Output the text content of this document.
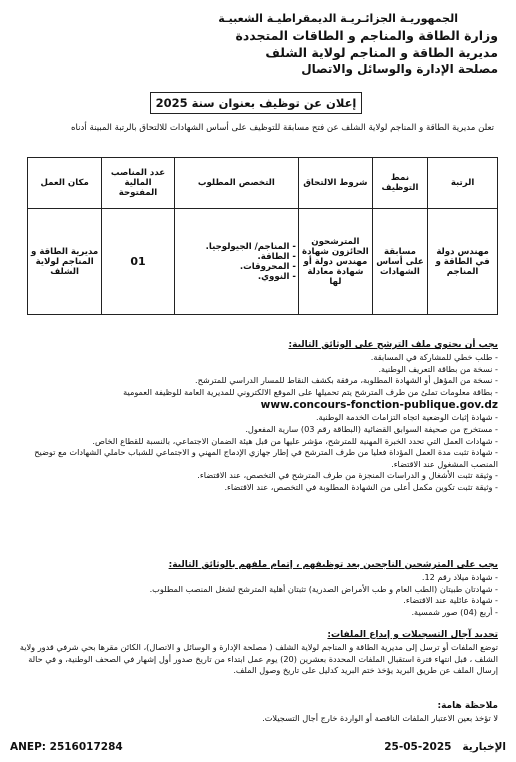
الجمهوريـة الجزائـريـة الديمقراطيـة الشعبيـة
وزارة الطاقة والمناجم و الطاقات المتجددة
مديرية الطاقة و المناجم لولاية الشلف
مصلحة الإدارة والوسائل والاتصال
إعلان عن توظيف بعنوان سنة 2025
تعلن مديرية الطاقة و المناجم لولاية الشلف عن فتح مسابقة للتوظيف على أساس الشهادات للالتحاق بالرتبة المبينة أدناه
الرتبة	نمط التوظيف	شروط الالتحاق	التخصص المطلوب	عدد المناصب المالية المفتوحة	مكان العمل
مهندس دولة في الطاقة و المناجم	مسابقة على أساس الشهادات	المترشحون الحائزون شهادة مهندس دولة أو شهادة معادلة لها	- المناجم/ الجيولوجيا.
- الطاقة.
- المحروقات.
- النووي.	01	مديرية الطاقة و المناجم لولاية الشلف
يجب أن يحتوي ملف الترشح على الوثائق التالية:
- طلب خطي للمشاركة في المسابقة.
- نسخة من بطاقة التعريف الوطنية.
- نسخة من المؤهل أو الشهادة المطلوبة، مرفقة بكشف النقاط للمسار الدراسي للمترشح.
- بطاقة معلومات تملئ من طرف المترشح يتم تحميلها على الموقع الالكتروني للمديرية العامة للوظيفة العمومية
www.concours-fonction-publique.gov.dz
- شهادة إثبات الوضعية اتجاه التزامات الخدمة الوطنية.
- مستخرج من صحيفة السوابق القضائية (البطاقة رقم 03) سارية المفعول.
- شهادات العمل التي تحدد الخبرة المهنية للمترشح، مؤشر عليها من قبل هيئة الضمان الاجتماعي، بالنسبة للقطاع الخاص.
- شهادة تثبت مدة العمل المؤداة فعليا من طرف المترشح في إطار جهازي الإدماج المهني و الاجتماعي للشباب حاملي الشهادات مع توضيح المنصب المشغول عند الاقتضاء.
- وثيقة تثبت الأشغال و الدراسات المنجزة من طرف المترشح في التخصص، عند الاقتضاء.
- وثيقة تثبت تكوين مكمل أعلى من الشهادة المطلوبة في التخصص، عند الاقتضاء.
يجب على المترشحين الناجحين بعد توظيفهم ، إتمام ملفهم بالوثائق التالية:
- شهادة ميلاد رقم 12.
- شهادتان طبيتان (الطب العام و طب الأمراض الصدرية) تثبتان أهلية المترشح لشغل المنصب المطلوب.
- شهادة عائلية عند الاقتضاء.
- أربع (04) صور شمسية.
تحديد آجال التسجيلات و إيداع الملفات:
توضع الملفات أو ترسل إلى مديرية الطاقة و المناجم لولاية الشلف ( مصلحة الإدارة و الوسائل و الاتصال)، الكائن مقرها بحي شرفي قدور ولاية الشلف ، قبل انتهاء فترة استقبال الملفات المحددة بعشرين (20) يوم عمل ابتداء من تاريخ صدور أول إشهار في الصحف الوطنية، و في حالة إرسال الملف عن طريق البريد يؤخذ ختم البريد كدليل على تاريخ وصول الملف.
ملاحظة هامة:
لا تؤخذ بعين الاعتبار الملفات الناقصة أو الواردة خارج أجال التسجيلات.
ANEP: 2516017284	الإخبارية   2025-05-25
